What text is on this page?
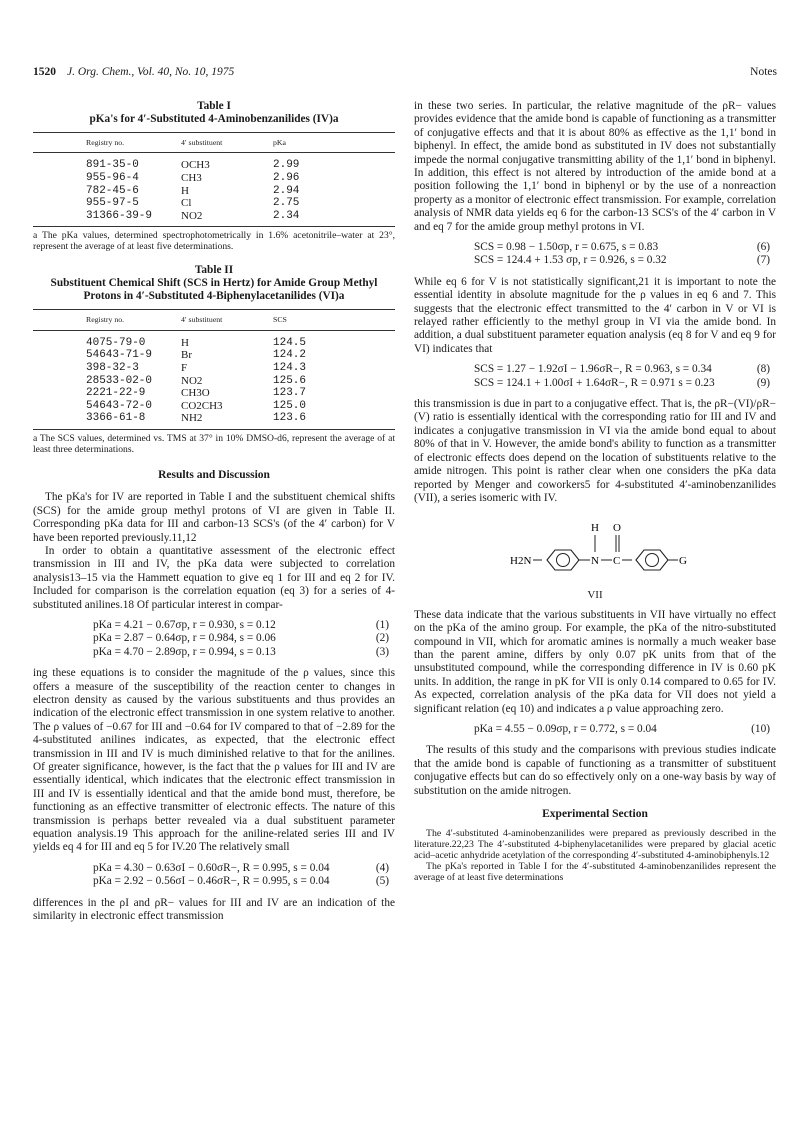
1520 J. Org. Chem., Vol. 40, No. 10, 1975	Notes
Table I
pKa's for 4′-Substituted 4-Aminobenzanilides (IV)a
Registry no.	4′ substituent	pKa
891-35-0	OCH3	2.99
955-96-4	CH3	2.96
782-45-6	H	2.94
955-97-5	Cl	2.75
31366-39-9	NO2	2.34
a The pKa values, determined spectrophotometrically in 1.6% acetonitrile–water at 23°, represent the average of at least five determinations.
Table II
Substituent Chemical Shift (SCS in Hertz) for Amide Group Methyl Protons in 4′-Substituted 4-Biphenylacetanilides (VI)a
Registry no.	4′ substituent	SCS
4075-79-0	H	124.5
54643-71-9	Br	124.2
398-32-3	F	124.3
28533-02-0	NO2	125.6
2221-22-9	CH3O	123.7
54643-72-0	CO2CH3	125.0
3366-61-8	NH2	123.6
a The SCS values, determined vs. TMS at 37° in 10% DMSO-d6, represent the average of at least three determinations.
Results and Discussion

The pKa's for IV are reported in Table I and the substituent chemical shifts (SCS) for the amide group methyl protons of VI are given in Table II. Corresponding pKa data for III and carbon-13 SCS's (of the 4′ carbon) for V have been reported previously.11,12

In order to obtain a quantitative assessment of the electronic effect transmission in III and IV, the pKa data were subjected to correlation analysis13–15 via the Hammett equation to give eq 1 for III and eq 2 for IV. Included for comparison is the correlation equation (eq 3) for a series of 4-substituted anilines.18 Of particular interest in compar-

pKa = 4.21 − 0.67σp, r = 0.930, s = 0.12	(1)
pKa = 2.87 − 0.64σp, r = 0.984, s = 0.06	(2)
pKa = 4.70 − 2.89σp, r = 0.994, s = 0.13	(3)

ing these equations is to consider the magnitude of the ρ values, since this offers a measure of the susceptibility of the reaction center to changes in electron density as caused by the various substituents and thus provides an indication of the electronic effect transmission in one system relative to another. The ρ values of −0.67 for III and −0.64 for IV compared to that of −2.89 for the 4-substituted anilines indicates, as expected, that the electronic effect transmission in III and IV is much diminished relative to that for the anilines. Of greater significance, however, is the fact that the ρ values for III and IV are essentially identical, which indicates that the electronic effect transmission in III and IV is essentially identical and that the amide bond must, therefore, be functioning as an effective transmitter of electronic effects. The nature of this transmission is perhaps better revealed via a dual substituent parameter equation analysis.19 This approach for the aniline-related series III and IV yields eq 4 for III and eq 5 for IV.20 The relatively small

pKa = 4.30 − 0.63σI − 0.60σR−, R = 0.995, s = 0.04	(4)
pKa = 2.92 − 0.56σI − 0.46σR−, R = 0.995, s = 0.04	(5)

differences in the ρI and ρR− values for III and IV are an indication of the similarity in electronic effect transmission

in these two series. In particular, the relative magnitude of the ρR− values provides evidence that the amide bond is capable of functioning as a transmitter of conjugative effects and that it is about 80% as effective as the 1,1′ bond in biphenyl. In effect, the amide bond as substituted in IV does not substantially impede the normal conjugative transmitting ability of the 1,1′ bond in biphenyl. In addition, this effect is not altered by introduction of the amide bond at a position following the 1,1′ bond in biphenyl or by the use of a nonreaction property as a monitor of electronic effect transmission. For example, correlation analysis of NMR data yields eq 6 for the carbon-13 SCS's of the 4′ carbon in V and eq 7 for the amide group methyl protons in VI.

SCS = 0.98 − 1.50σp, r = 0.675, s = 0.83	(6)
SCS = 124.4 + 1.53 σp, r = 0.926, s = 0.32	(7)

While eq 6 for V is not statistically significant,21 it is important to note the essential identity in absolute magnitude for the ρ values in eq 6 and 7. This suggests that the electronic effect transmitted to the 4′ carbon in V or VI is relayed rather efficiently to the methyl group in VI via the amide bond. In addition, a dual substituent parameter equation analysis (eq 8 for V and eq 9 for VI) indicates that

SCS = 1.27 − 1.92σI − 1.96σR−, R = 0.963, s = 0.34	(8)
SCS = 124.1 + 1.00σI + 1.64σR−, R = 0.971 s = 0.23	(9)

this transmission is due in part to a conjugative effect. That is, the ρR−(VI)/ρR−(V) ratio is essentially identical with the corresponding ratio for III and IV and indicates a conjugative transmission in VI via the amide bond equal to about 80% of that in V. However, the amide bond's ability to function as a transmitter of electronic effects does depend on the location of substituents relative to the amide nitrogen. This point is rather clear when one considers the pKa data reported by Menger and coworkers5 for 4-substituted 4′-aminobenzanilides (VII), a series isomeric with IV.

H2N	N
H
C
O
G
VII

These data indicate that the various substituents in VII have virtually no effect on the pKa of the amino group. For example, the pKa of the nitro-substituted compound in VII, which for aromatic amines is normally a much weaker base than the parent amine, differs by only 0.07 pK units from that of the unsubstituted compound, while the corresponding difference in IV is 0.60 pK units. In addition, the range in pK for VII is only 0.14 compared to 0.65 for IV. As expected, correlation analysis of the pKa data for VII does not yield a significant relation (eq 10) and indicates a ρ value approaching zero.

pKa = 4.55 − 0.09σp, r = 0.772, s = 0.04	(10)

The results of this study and the comparisons with previous studies indicate that the amide bond is capable of functioning as a transmitter of substituent conjugative effects but can do so effectively only on a one-way basis by way of substitution on the amide nitrogen.

Experimental Section

The 4′-substituted 4-aminobenzanilides were prepared as previously described in the literature.22,23 The 4′-substituted 4-biphenylacetanilides were prepared by glacial acetic acid–acetic anhydride acetylation of the corresponding 4′-substituted 4-aminobiphenyls.12

The pKa's reported in Table I for the 4′-substituted 4-aminobenzanilides represent the average of at least five determinations
